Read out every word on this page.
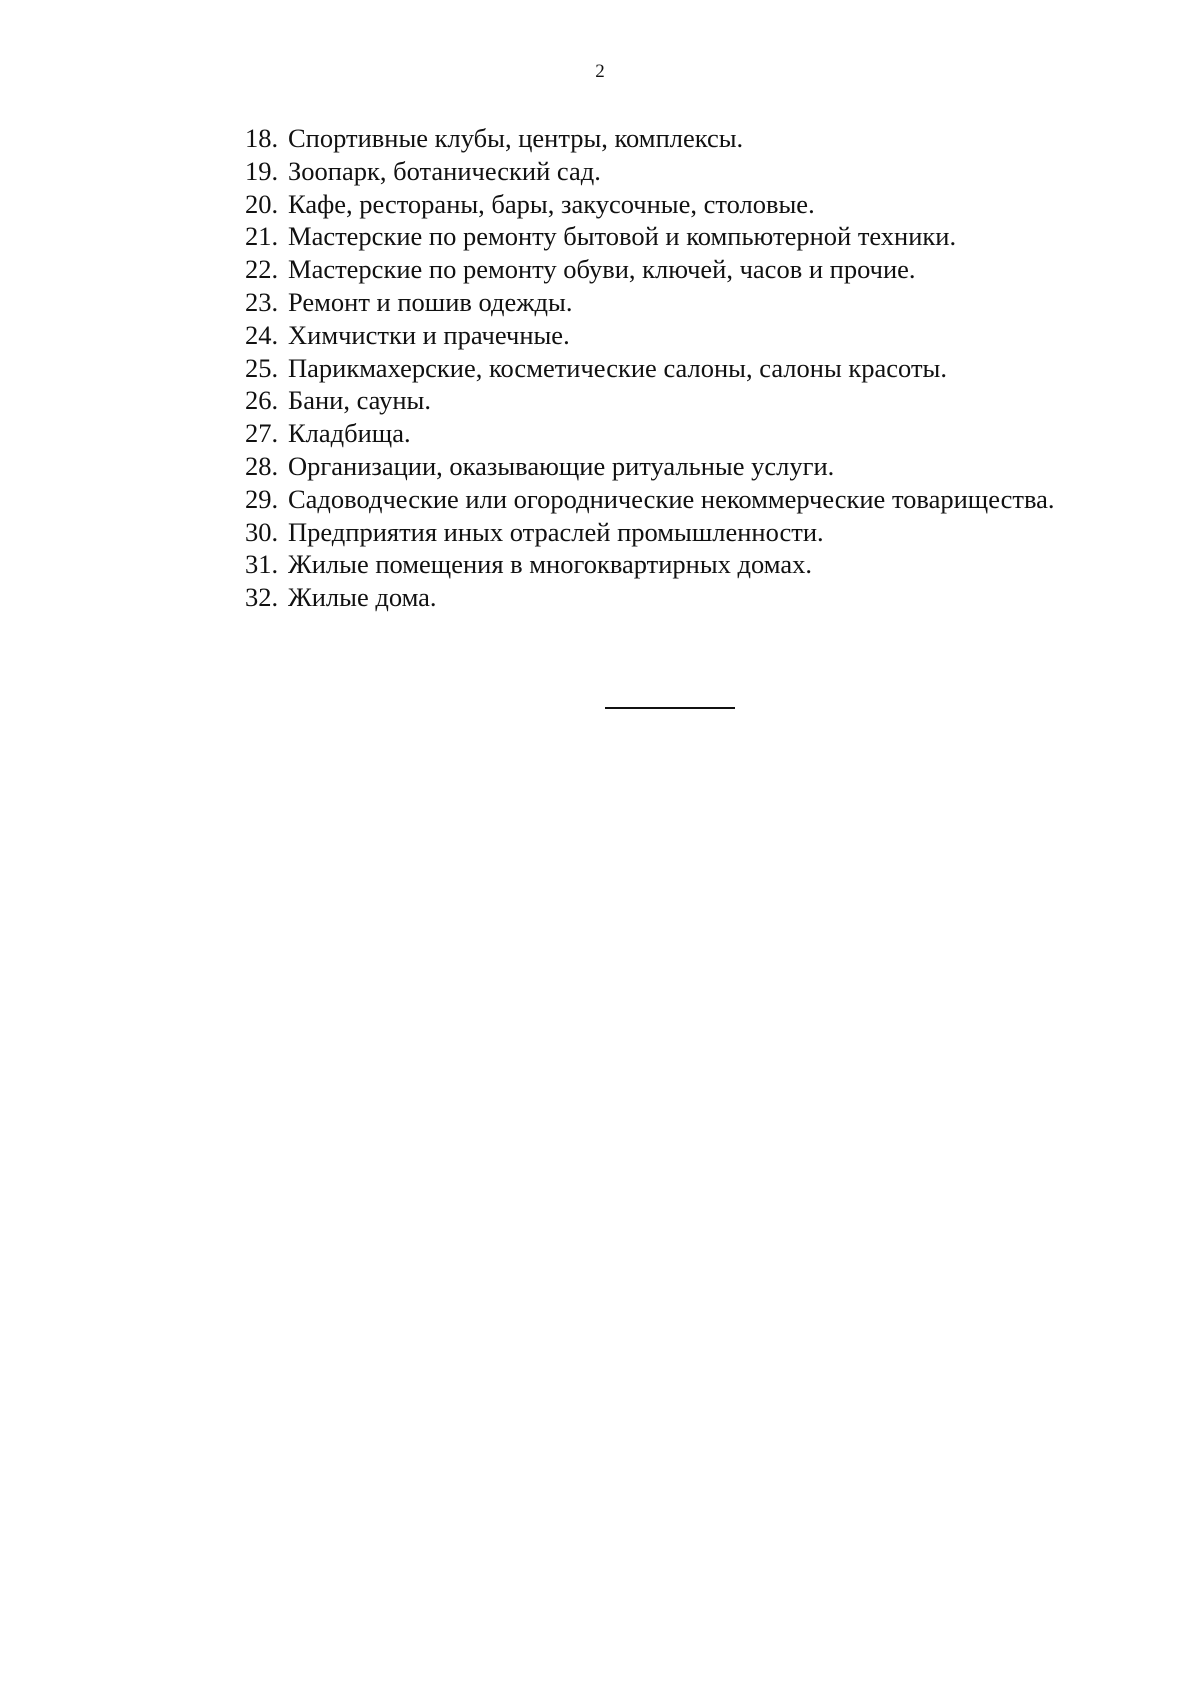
2
18. Спортивные клубы, центры, комплексы.
19. Зоопарк, ботанический сад.
20. Кафе, рестораны, бары, закусочные, столовые.
21. Мастерские по ремонту бытовой и компьютерной техники.
22. Мастерские по ремонту обуви, ключей, часов и прочие.
23. Ремонт и пошив одежды.
24. Химчистки и прачечные.
25. Парикмахерские, косметические салоны, салоны красоты.
26. Бани, сауны.
27. Кладбища.
28. Организации, оказывающие ритуальные услуги.
29. Садоводческие или огороднические некоммерческие товарищества.
30. Предприятия иных отраслей промышленности.
31. Жилые помещения в многоквартирных домах.
32. Жилые дома.
